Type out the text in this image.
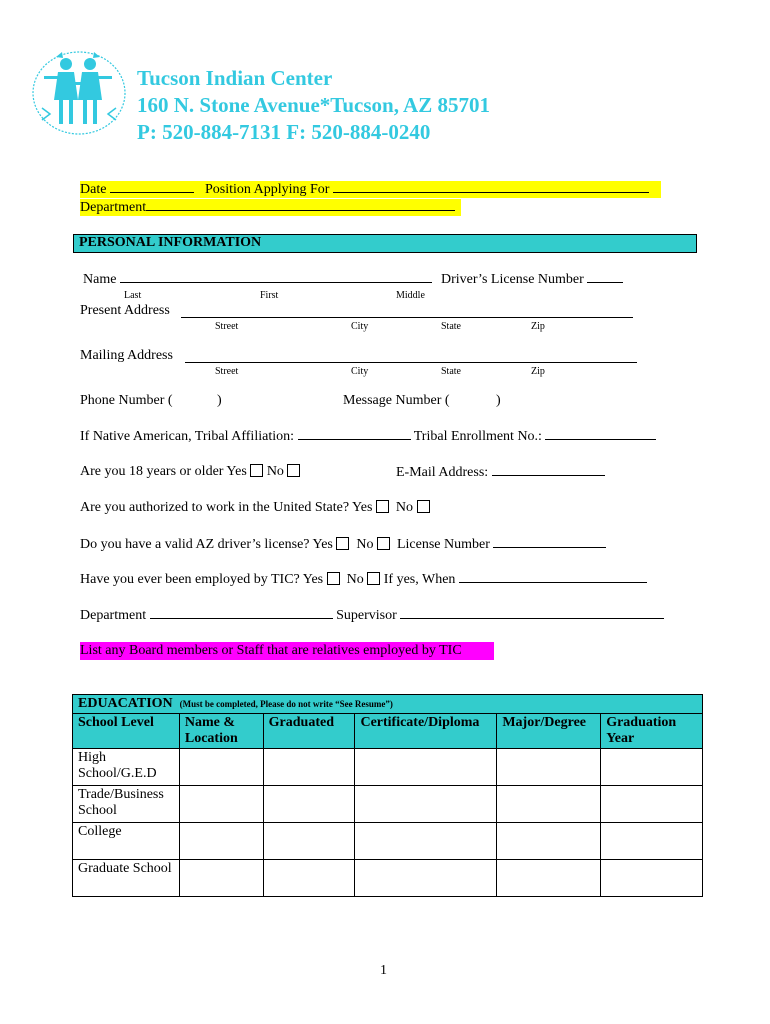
Tucson Indian Center
160 N. Stone Avenue*Tucson, AZ 85701
P: 520-884-7131 F: 520-884-0240
Date	Position Applying For
Department
PERSONAL INFORMATION
Name	Driver’s License Number
Last	First	Middle
Present Address
Street	City	State	Zip
Mailing Address
Street	City	State	Zip
Phone Number (	)	Message Number (	)
If Native American, Tribal Affiliation:	Tribal Enrollment No.:
Are you 18 years or older Yes No	E-Mail Address:
Are you authorized to work in the United State? Yes No
Do you have a valid AZ driver’s license? Yes No License Number
Have you ever been employed by TIC? Yes No If yes, When
Department	Supervisor
List any Board members or Staff that are relatives employed by TIC
EDUACATION (Must be completed, Please do not write “See Resume”)					
School Level	Name & Location	Graduated	Certificate/Diploma	Major/Degree	Graduation Year
High School/G.E.D					
Trade/Business School					
College					
Graduate School					
1
